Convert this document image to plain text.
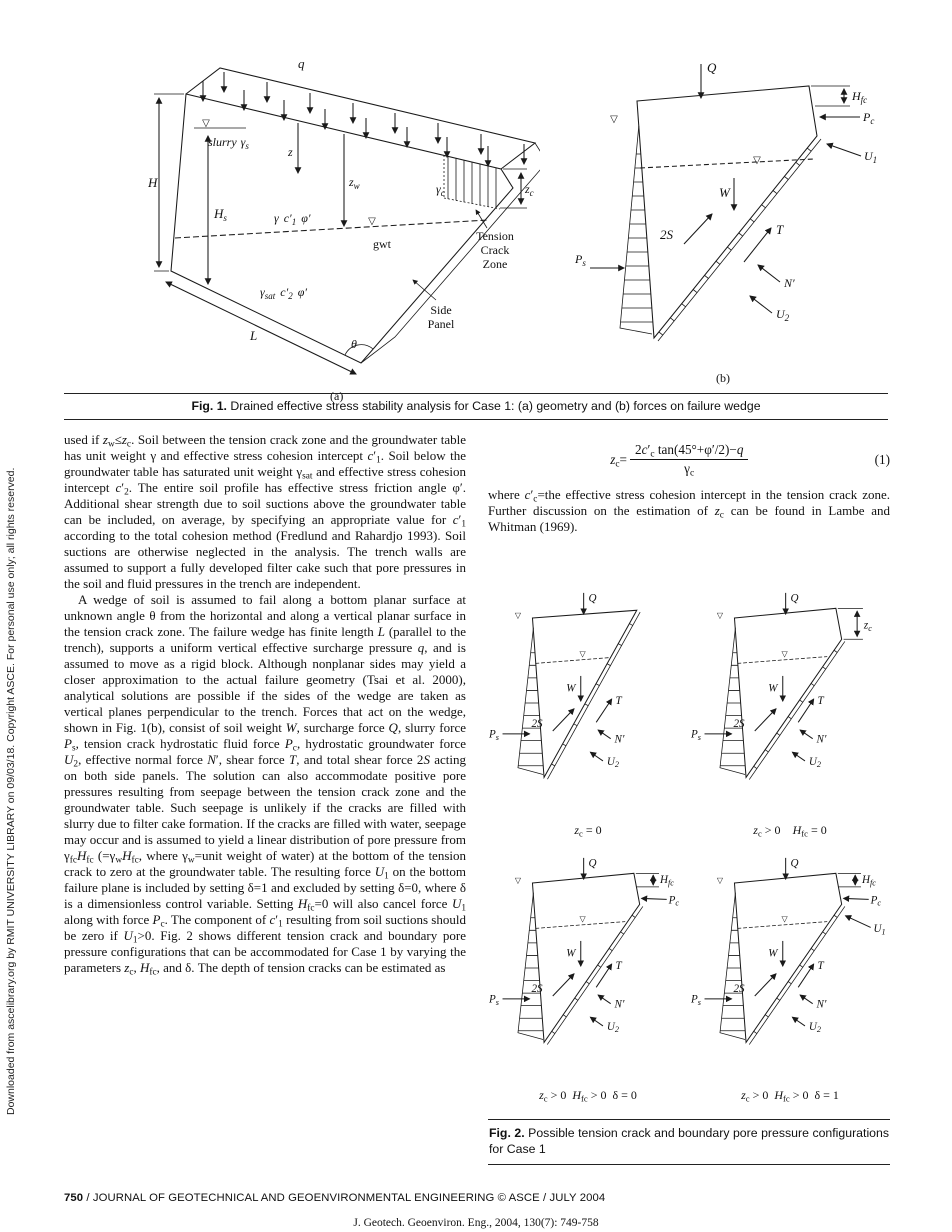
Downloaded from ascelibrary.org by RMIT UNIVERSITY LIBRARY on 09/03/18. Copyright ASCE. For personal use only; all rights reserved.
q
H
▽
slurry $\gamma_s$
$H_s$
z
$z_w$
▽
gwt
γ $c'_1$ φ′
$\gamma_{sat}$ $c'_2$ φ′
$\gamma_c$	$z_c$
Tension
Crack
Zone
Side
Panel
L
θ
(a)
Q
▽
$H_{fc}$
$P_c$
$U_1$
▽
W
2S	T
N′
$U_2$
$P_s$
(b)
Fig. 1. Drained effective stress stability analysis for Case 1: (a) geometry and (b) forces on failure wedge

used if $z_w\le z_c$. Soil between the tension crack zone and the groundwater table has unit weight γ and effective stress cohesion intercept $c'_1$. Soil below the groundwater table has saturated unit weight $\gamma_{sat}$ and effective stress cohesion intercept $c'_2$. The entire soil profile has effective stress friction angle φ′. Additional shear strength due to soil suctions above the groundwater table can be included, on average, by specifying an appropriate value for $c'_1$ according to the total cohesion method (Fredlund and Rahardjo 1993). Soil suctions are otherwise neglected in the analysis. The trench walls are assumed to support a fully developed filter cake such that pore pressures in the soil and fluid pressures in the trench are independent.

A wedge of soil is assumed to fail along a bottom planar surface at unknown angle θ from the horizontal and along a vertical planar surface in the tension crack zone. The failure wedge has finite length L (parallel to the trench), supports a uniform vertical effective surcharge pressure q, and is assumed to move as a rigid block. Although nonplanar sides may yield a closer approximation to the actual failure geometry (Tsai et al. 2000), analytical solutions are possible if the sides of the wedge are taken as vertical planes perpendicular to the trench. Forces that act on the wedge, shown in Fig. 1(b), consist of soil weight W, surcharge force Q, slurry force $P_s$, tension crack hydrostatic fluid force $P_c$, hydrostatic groundwater force $U_2$, effective normal force N′, shear force T, and total shear force 2S acting on both side panels. The solution can also accommodate positive pore pressures resulting from seepage between the tension crack zone and the groundwater table. Such seepage is unlikely if the cracks are filled with slurry due to filter cake formation. If the cracks are filled with water, seepage may occur and is assumed to yield a linear distribution of pore pressure from $\gamma_{fc}H_{fc}$ ($=\gamma_wH_{fc}$, where $\gamma_w=unit$ weight of water) at the bottom of the tension crack to zero at the groundwater table. The resulting force $U_1$ on the bottom failure plane is included by setting δ=1 and excluded by setting δ=0, where δ is a dimensionless control variable. Setting $H_{fc}=0$ will also cancel force $U_1$ along with force $P_c$. The component of $c'_1$ resulting from soil suctions should be zero if $U_1>0$. Fig. 2 shows different tension crack and boundary pore pressure configurations that can be accommodated for Case 1 by varying the parameters $z_c$, $H_{fc}$, and δ. The depth of tension cracks can be estimated as

$z_c= \frac{2c'_c \tan(45^\circ+\varphi'/2)-q}{\gamma_c}$	(1)

where $c'_c=the$ effective stress cohesion intercept in the tension crack zone. Further discussion on the estimation of $z_c$ can be found in Lambe and Whitman (1969).

Q
▽
▽
W
2S
$P_s$
T
N′
$U_2$
$z_c = 0$
Q
▽
$z_c$
▽
W
2S
$P_s$
T
N′
$U_2$
$z_c > 0$ $H_{fc} = 0$
Q
▽	$H_{fc}$
$P_c$
▽
W
2S
$P_s$
T
N′
$U_2$
$z_c > 0$ $H_{fc} > 0$ δ = 0
Q
▽	$H_{fc}$
$P_c$
$U_1$
▽
W
2S
$P_s$
T
N′
$U_2$
$z_c > 0$ $H_{fc} > 0$ δ = 1
Fig. 2. Possible tension crack and boundary pore pressure configurations for Case 1
750 / JOURNAL OF GEOTECHNICAL AND GEOENVIRONMENTAL ENGINEERING © ASCE / JULY 2004
J. Geotech. Geoenviron. Eng., 2004, 130(7): 749-758
